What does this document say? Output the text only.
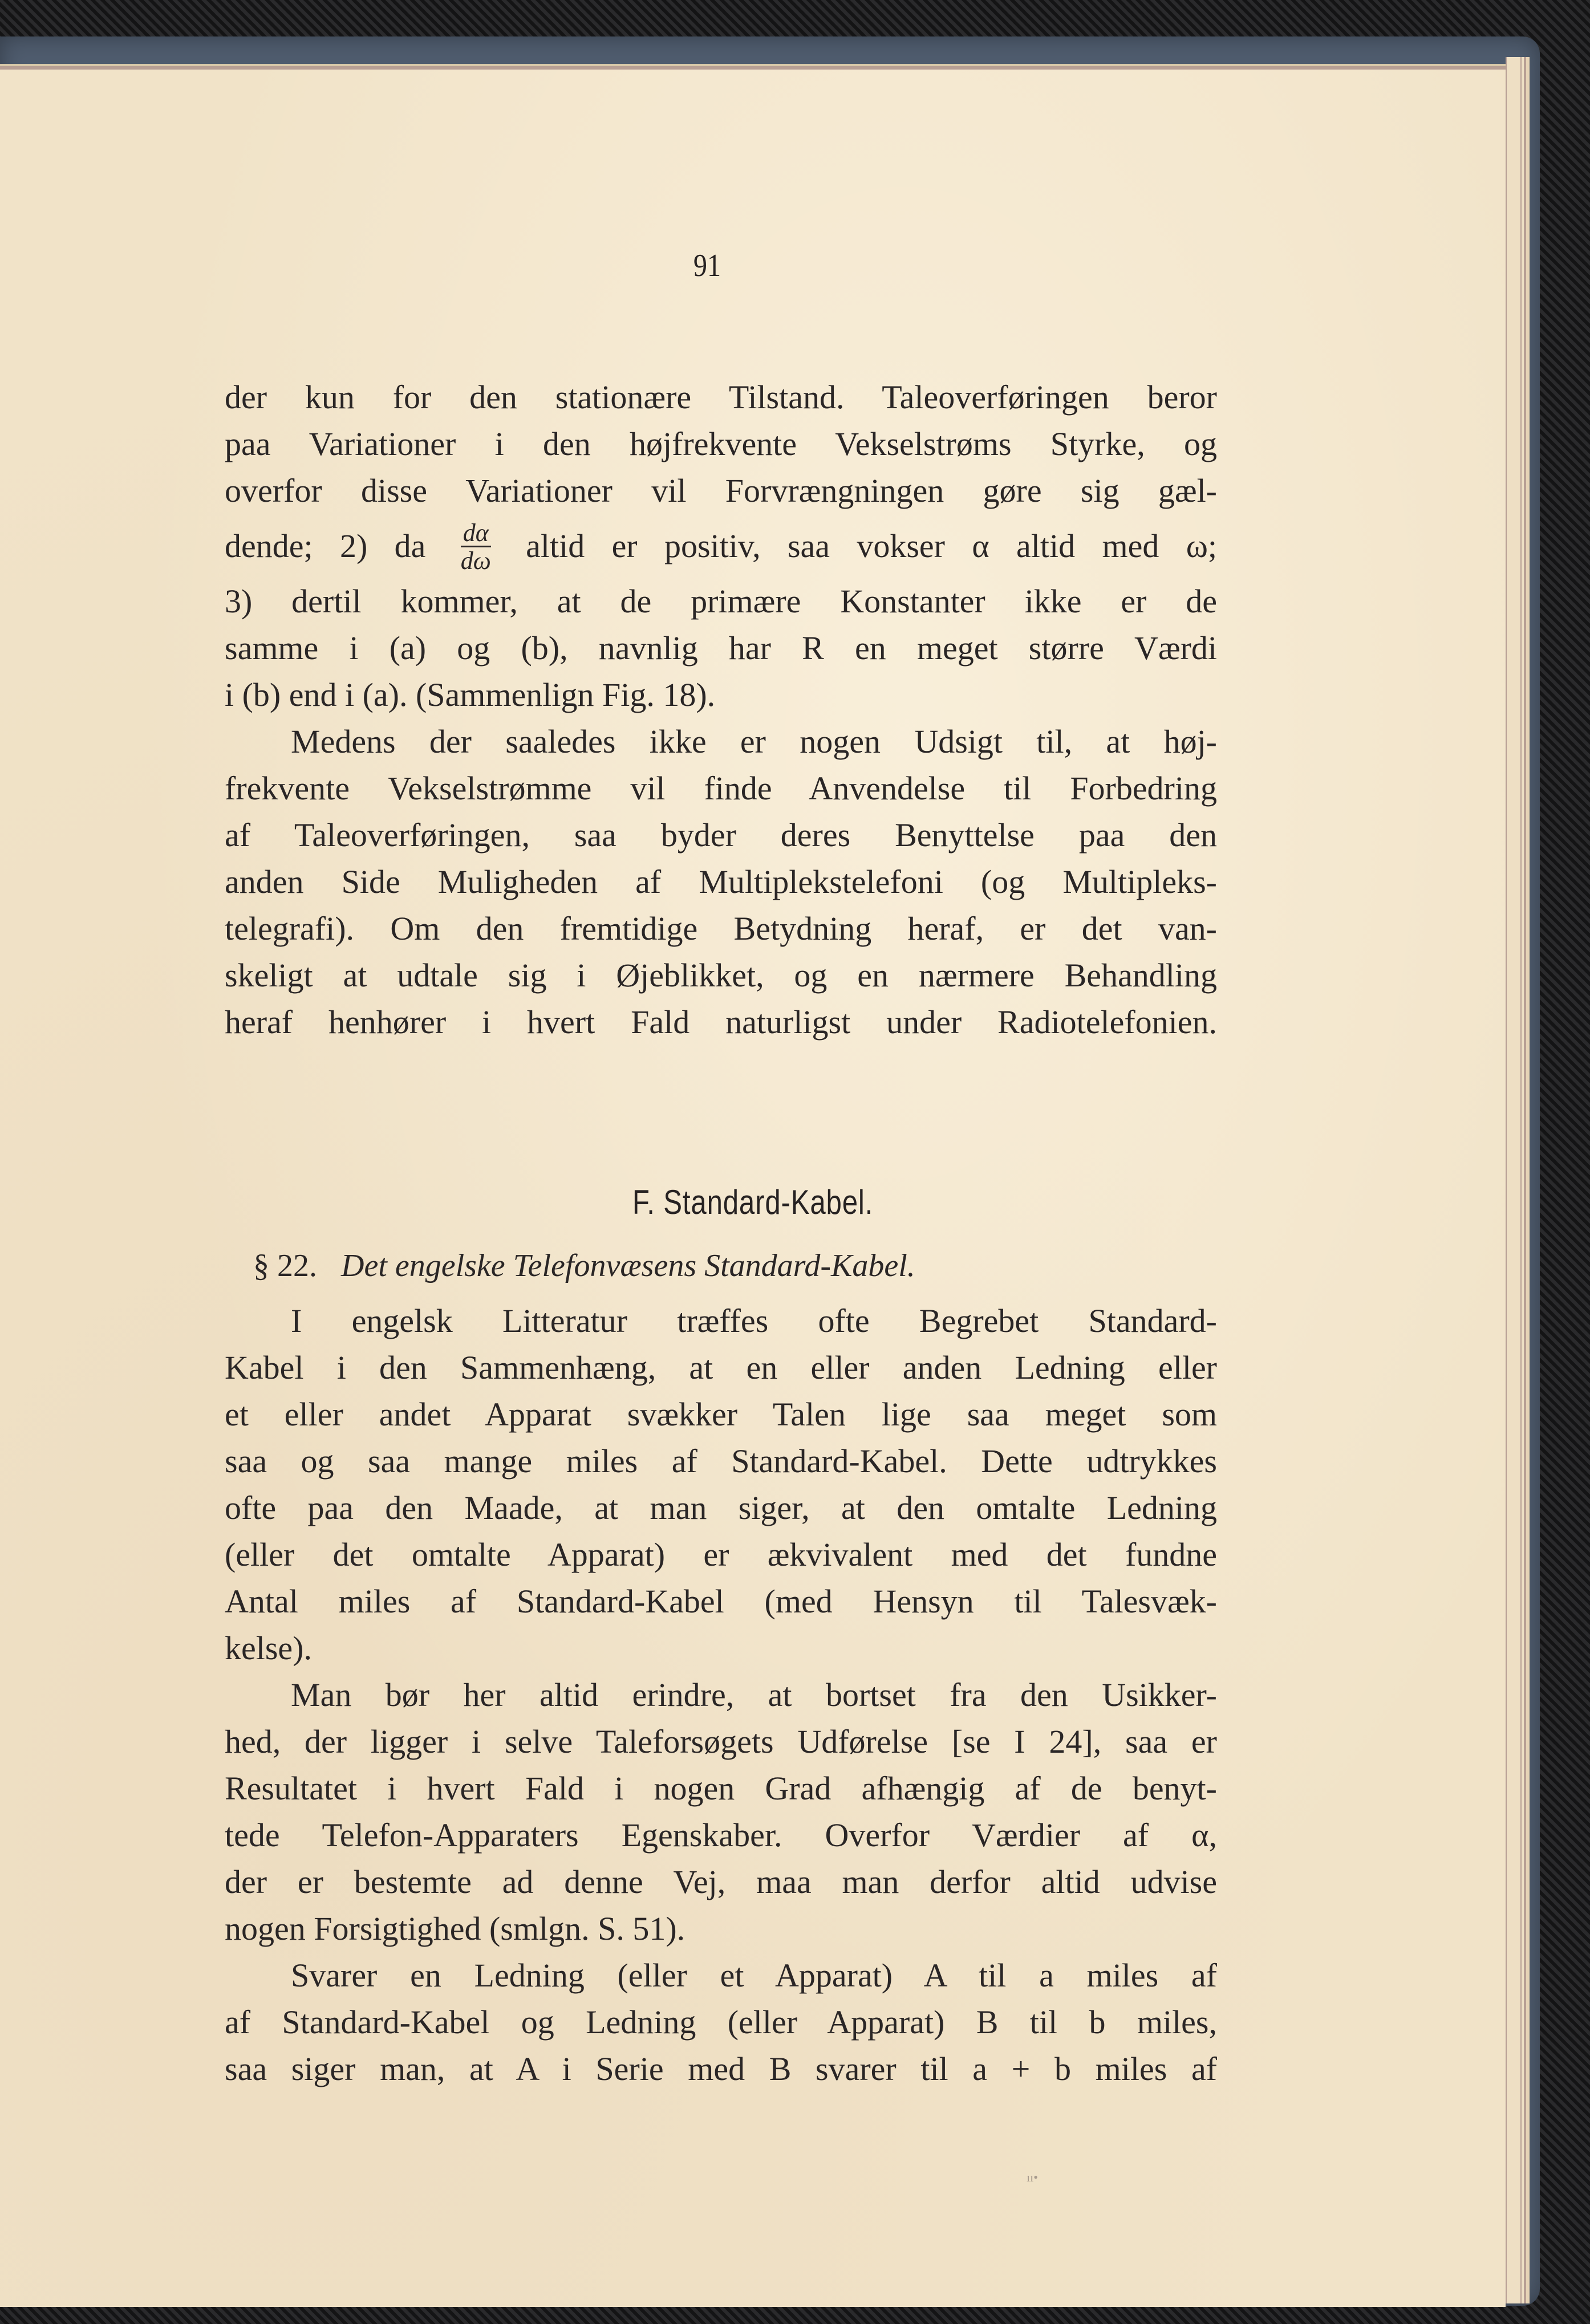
91
der kun for den stationære Tilstand. Taleoverføringen beror
paa Variationer i den højfrekvente Vekselstrøms Styrke, og
overfor disse Variationer vil Forvrængningen gøre sig gæl-
dende; 2) da $\frac{d\alpha}{d\omega}$ altid er positiv, saa vokser α altid med ω;
3) dertil kommer, at de primære Konstanter ikke er de
samme i (a) og (b), navnlig har R en meget større Værdi
i (b) end i (a). (Sammenlign Fig. 18).
Medens der saaledes ikke er nogen Udsigt til, at høj-
frekvente Vekselstrømme vil finde Anvendelse til Forbedring
af Taleoverføringen, saa byder deres Benyttelse paa den
anden Side Muligheden af Multiplekstelefoni (og Multipleks-
telegrafi). Om den fremtidige Betydning heraf, er det van-
skeligt at udtale sig i Øjeblikket, og en nærmere Behandling
heraf henhører i hvert Fald naturligst under Radiotelefonien.
F. Standard-Kabel.
§ 22. Det engelske Telefonvæsens Standard-Kabel.
I engelsk Litteratur træffes ofte Begrebet Standard-
Kabel i den Sammenhæng, at en eller anden Ledning eller
et eller andet Apparat svækker Talen lige saa meget som
saa og saa mange miles af Standard-Kabel. Dette udtrykkes
ofte paa den Maade, at man siger, at den omtalte Ledning
(eller det omtalte Apparat) er ækvivalent med det fundne
Antal miles af Standard-Kabel (med Hensyn til Talesvæk-
kelse).
Man bør her altid erindre, at bortset fra den Usikker-
hed, der ligger i selve Taleforsøgets Udførelse [se I 24], saa er
Resultatet i hvert Fald i nogen Grad afhængig af de benyt-
tede Telefon-Apparaters Egenskaber. Overfor Værdier af α,
der er bestemte ad denne Vej, maa man derfor altid udvise
nogen Forsigtighed (smlgn. S. 51).
Svarer en Ledning (eller et Apparat) A til a miles af
af Standard-Kabel og Ledning (eller Apparat) B til b miles,
saa siger man, at A i Serie med B svarer til a + b miles af
ıı•
